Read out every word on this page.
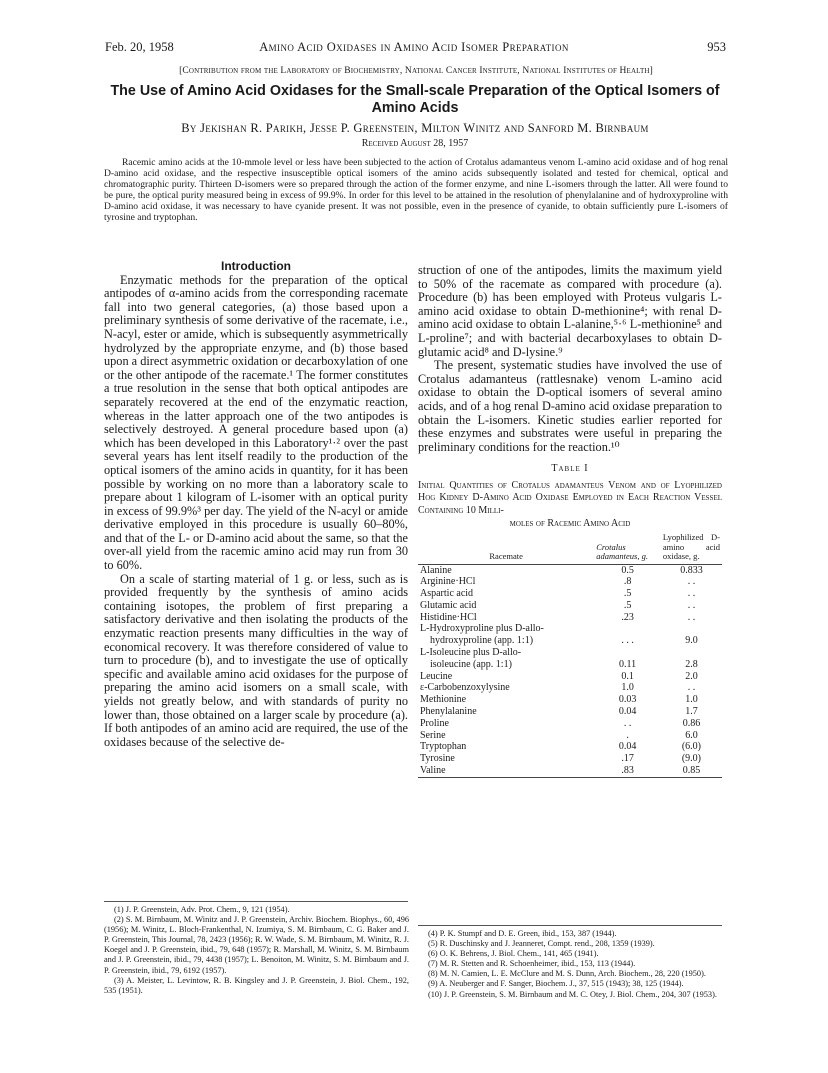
Feb. 20, 1958	Amino Acid Oxidases in Amino Acid Isomer Preparation	953
[Contribution from the Laboratory of Biochemistry, National Cancer Institute, National Institutes of Health]
The Use of Amino Acid Oxidases for the Small-scale Preparation of the Optical Isomers of Amino Acids
By Jekishan R. Parikh, Jesse P. Greenstein, Milton Winitz and Sanford M. Birnbaum
Received August 28, 1957

Racemic amino acids at the 10-mmole level or less have been subjected to the action of Crotalus adamanteus venom L-amino acid oxidase and of hog renal D-amino acid oxidase, and the respective insusceptible optical isomers of the amino acids subsequently isolated and tested for chemical, optical and chromatographic purity. Thirteen D-isomers were so prepared through the action of the former enzyme, and nine L-isomers through the latter. All were found to be pure, the optical purity measured being in excess of 99.9%. In order for this level to be attained in the resolution of phenylalanine and of hydroxyproline with D-amino acid oxidase, it was necessary to have cyanide present. It was not possible, even in the presence of cyanide, to obtain sufficiently pure L-isomers of tyrosine and tryptophan.

Introduction

Enzymatic methods for the preparation of the optical antipodes of α-amino acids from the corresponding racemate fall into two general categories, (a) those based upon a preliminary synthesis of some derivative of the racemate, i.e., N-acyl, ester or amide, which is subsequently asymmetrically hydrolyzed by the appropriate enzyme, and (b) those based upon a direct asymmetric oxidation or decarboxylation of one or the other antipode of the racemate.¹ The former constitutes a true resolution in the sense that both optical antipodes are separately recovered at the end of the enzymatic reaction, whereas in the latter approach one of the two antipodes is selectively destroyed. A general procedure based upon (a) which has been developed in this Laboratory¹·² over the past several years has lent itself readily to the production of the optical isomers of the amino acids in quantity, for it has been possible by working on no more than a laboratory scale to prepare about 1 kilogram of L-isomer with an optical purity in excess of 99.9%³ per day. The yield of the N-acyl or amide derivative employed in this procedure is usually 60–80%, and that of the L- or D-amino acid about the same, so that the over-all yield from the racemic amino acid may run from 30 to 60%.

On a scale of starting material of 1 g. or less, such as is provided frequently by the synthesis of amino acids containing isotopes, the problem of first preparing a satisfactory derivative and then isolating the products of the enzymatic reaction presents many difficulties in the way of economical recovery. It was therefore considered of value to turn to procedure (b), and to investigate the use of optically specific and available amino acid oxidases for the purpose of preparing the amino acid isomers on a small scale, with yields not greatly below, and with standards of purity no lower than, those obtained on a larger scale by procedure (a). If both antipodes of an amino acid are required, the use of the oxidases because of the selective de-

struction of one of the antipodes, limits the maximum yield to 50% of the racemate as compared with procedure (a). Procedure (b) has been employed with Proteus vulgaris L-amino acid oxidase to obtain D-methionine⁴; with renal D-amino acid oxidase to obtain L-alanine,⁵·⁶ L-methionine⁵ and L-proline⁷; and with bacterial decarboxylases to obtain D-glutamic acid⁸ and D-lysine.⁹

The present, systematic studies have involved the use of Crotalus adamanteus (rattlesnake) venom L-amino acid oxidase to obtain the D-optical isomers of several amino acids, and of a hog renal D-amino acid oxidase preparation to obtain the L-isomers. Kinetic studies earlier reported for these enzymes and substrates were useful in preparing the preliminary conditions for the reaction.¹⁰

Table I
Initial Quantities of Crotalus adamanteus Venom and of Lyophilized Hog Kidney D-Amino Acid Oxidase Employed in Each Reaction Vessel Containing 10 Milli-
moles of Racemic Amino Acid
Racemate	Crotalus adamanteus, g.	Lyophilized D-amino acid oxidase, g.
Alanine	0.5	0.833
Arginine·HCl	.8	. .
Aspartic acid	.5	. .
Glutamic acid	.5	. .
Histidine·HCl	.23	. .
L-Hydroxyproline plus D-allo-		
hydroxyproline (app. 1:1)	. . .	9.0
L-Isoleucine plus D-allo-		
isoleucine (app. 1:1)	0.11	2.8
Leucine	0.1	2.0
ε-Carbobenzoxylysine	1.0	. .
Methionine	0.03	1.0
Phenylalanine	0.04	1.7
Proline	. .	0.86
Serine	.	6.0
Tryptophan	0.04	(6.0)
Tyrosine	.17	(9.0)
Valine	.83	0.85
(1) J. P. Greenstein, Adv. Prot. Chem., 9, 121 (1954).
(2) S. M. Birnbaum, M. Winitz and J. P. Greenstein, Archiv. Biochem. Biophys., 60, 496 (1956); M. Winitz, L. Bloch-Frankenthal, N. Izumiya, S. M. Birnbaum, C. G. Baker and J. P. Greenstein, This Journal, 78, 2423 (1956); R. W. Wade, S. M. Birnbaum, M. Winitz, R. J. Koegel and J. P. Greenstein, ibid., 79, 648 (1957); R. Marshall, M. Winitz, S. M. Birnbaum and J. P. Greenstein, ibid., 79, 4438 (1957); L. Benoiton, M. Winitz, S. M. Birnbaum and J. P. Greenstein, ibid., 79, 6192 (1957).
(3) A. Meister, L. Levintow, R. B. Kingsley and J. P. Greenstein, J. Biol. Chem., 192, 535 (1951).
(4) P. K. Stumpf and D. E. Green, ibid., 153, 387 (1944).
(5) R. Duschinsky and J. Jeanneret, Compt. rend., 208, 1359 (1939).
(6) O. K. Behrens, J. Biol. Chem., 141, 465 (1941).
(7) M. R. Stetten and R. Schoenheimer, ibid., 153, 113 (1944).
(8) M. N. Camien, L. E. McClure and M. S. Dunn, Arch. Biochem., 28, 220 (1950).
(9) A. Neuberger and F. Sanger, Biochem. J., 37, 515 (1943); 38, 125 (1944).
(10) J. P. Greenstein, S. M. Birnbaum and M. C. Otey, J. Biol. Chem., 204, 307 (1953).
